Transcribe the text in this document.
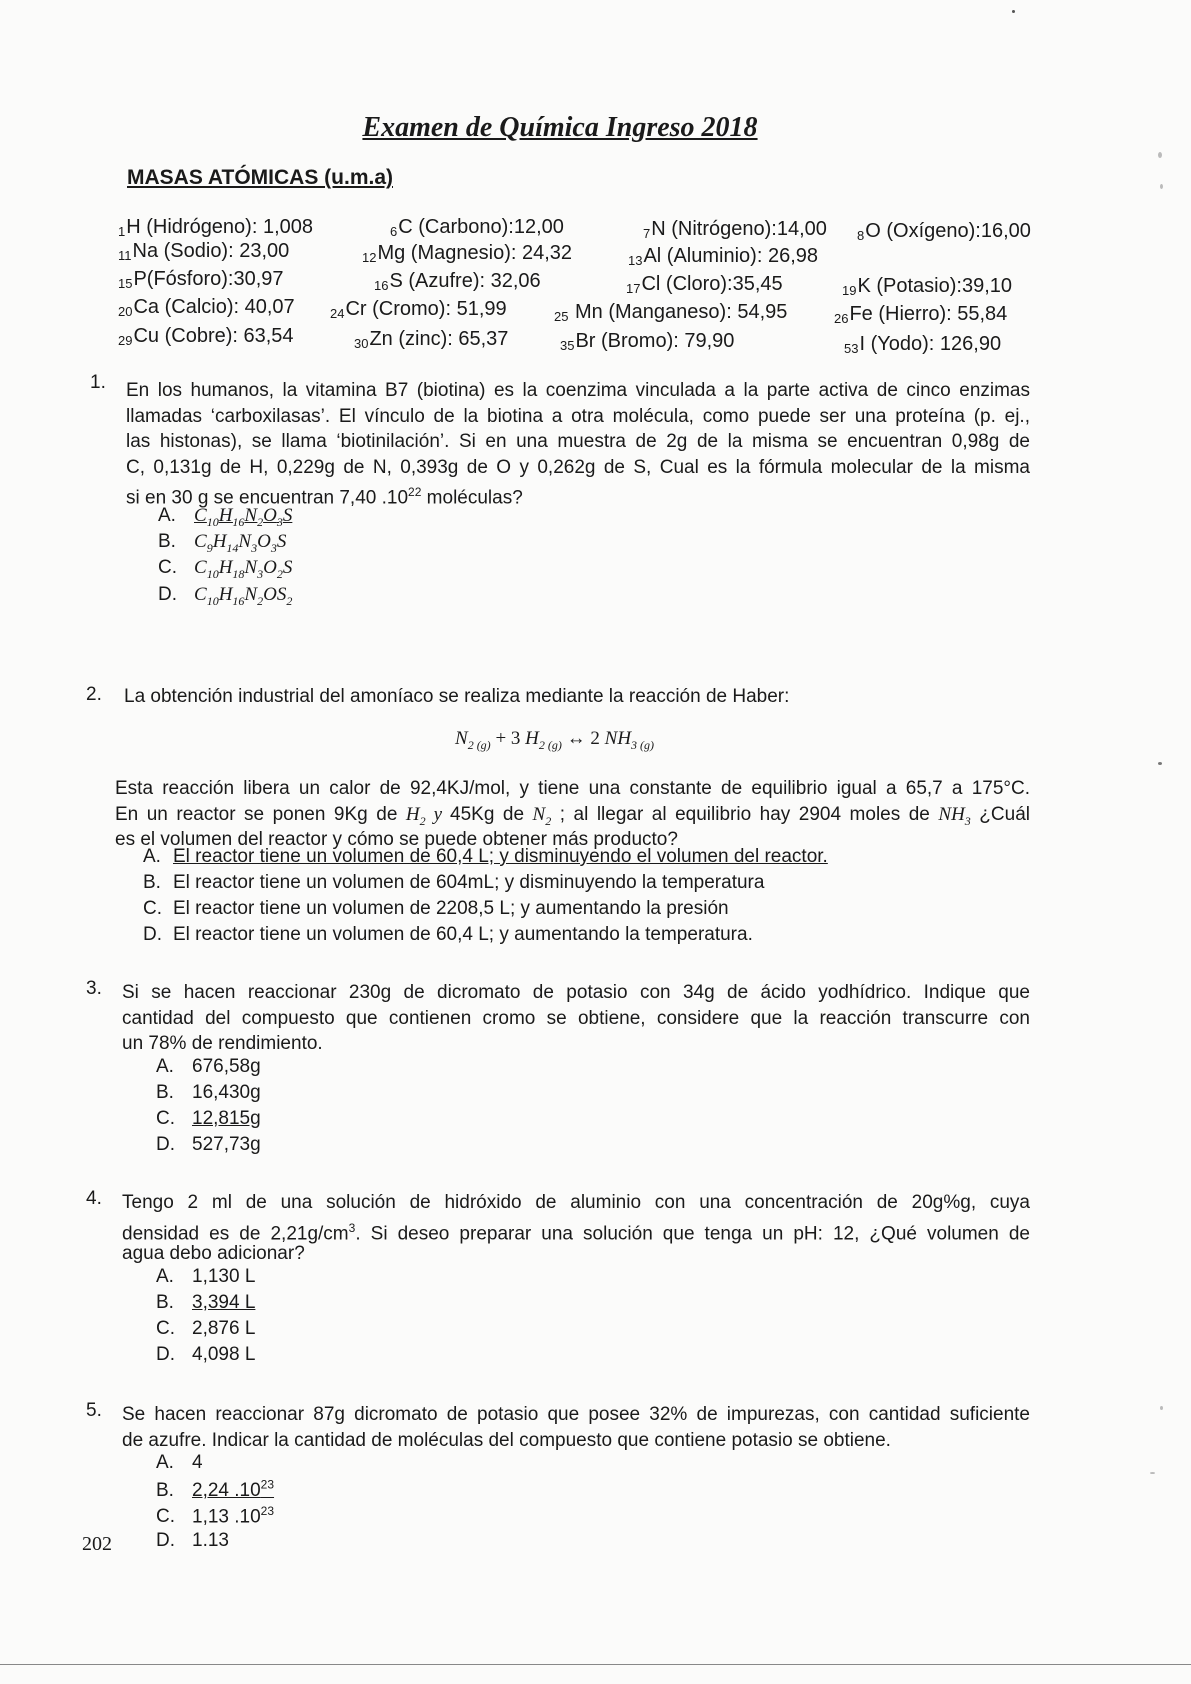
Examen de Química Ingreso 2018
MASAS ATÓMICAS (u.m.a)
$_1$H (Hidrógeno): 1,008	$_6$C (Carbono):12,00	$_7$N (Nitrógeno):14,00 $_8$O (Oxígeno):16,00
$_{11}$Na (Sodio): 23,00	$_{12}$Mg (Magnesio): 24,32	$_{13}$Al (Aluminio): 26,98
$_{15}$P(Fósforo):30,97	$_{16}$S (Azufre): 32,06	$_{17}$Cl (Cloro):35,45	$_{19}$K (Potasio):39,10
$_{20}$Ca (Calcio): 40,07	$_{24}$Cr (Cromo): 51,99	$_{25}$ Mn (Manganeso): 54,95	$_{26}$Fe (Hierro): 55,84
$_{29}$Cu (Cobre): 63,54	$_{30}$Zn (zinc): 65,37	$_{35}$Br (Bromo): 79,90	$_{53}$I (Yodo): 126,90
1. En los humanos, la vitamina B7 (biotina) es la coenzima vinculada a la parte activa de cinco enzimas
llamadas ‘carboxilasas’. El vínculo de la biotina a otra molécula, como puede ser una proteína (p. ej.,
las histonas), se llama ‘biotinilación’. Si en una muestra de 2g de la misma se encuentran 0,98g de
C, 0,131g de H, 0,229g de N, 0,393g de O y 0,262g de S, Cual es la fórmula molecular de la misma
si en 30 g se encuentran 7,40 $.10^{22}$ moléculas?
A. $C_{10}H_{16}N_2O_3S$
B. $C_9H_{14}N_3O_3S$
C. $C_{10}H_{18}N_3O_2S$
D. $C_{10}H_{16}N_2OS_2$
2. La obtención industrial del amoníaco se realiza mediante la reacción de Haber:
$N_{2 (g)} + 3$ $H_{2 (g)}$ ↔ 2 $NH_{3 (g)}$
Esta reacción libera un calor de 92,4KJ/mol, y tiene una constante de equilibrio igual a 65,7 a 175°C.
En un reactor se ponen 9Kg de $H_2$ y 45Kg de $N_2$ ; al llegar al equilibrio hay 2904 moles de $NH_3$ ¿Cuál
es el volumen del reactor y cómo se puede obtener más producto?
A. El reactor tiene un volumen de 60,4 L; y disminuyendo el volumen del reactor.
B. El reactor tiene un volumen de 604mL; y disminuyendo la temperatura
C. El reactor tiene un volumen de 2208,5 L; y aumentando la presión
D. El reactor tiene un volumen de 60,4 L; y aumentando la temperatura.
3. Si se hacen reaccionar 230g de dicromato de potasio con 34g de ácido yodhídrico. Indique que
cantidad del compuesto que contienen cromo se obtiene, considere que la reacción transcurre con
un 78% de rendimiento.
A. 676,58g
B. 16,430g
C. 12,815g
D. 527,73g
4. Tengo 2 ml de una solución de hidróxido de aluminio con una concentración de 20g%g, cuya
densidad es de $2,21g/cm^3$. Si deseo preparar una solución que tenga un pH: 12, ¿Qué volumen de
agua debo adicionar?
A. 1,130 L
B. 3,394 L
C. 2,876 L
D. 4,098 L
5. Se hacen reaccionar 87g dicromato de potasio que posee 32% de impurezas, con cantidad suficiente
de azufre. Indicar la cantidad de moléculas del compuesto que contiene potasio se obtiene.
A. 4
B. 2,24 $.10^{23}$
C. 1,13 $.10^{23}$
D. 1.13
202
